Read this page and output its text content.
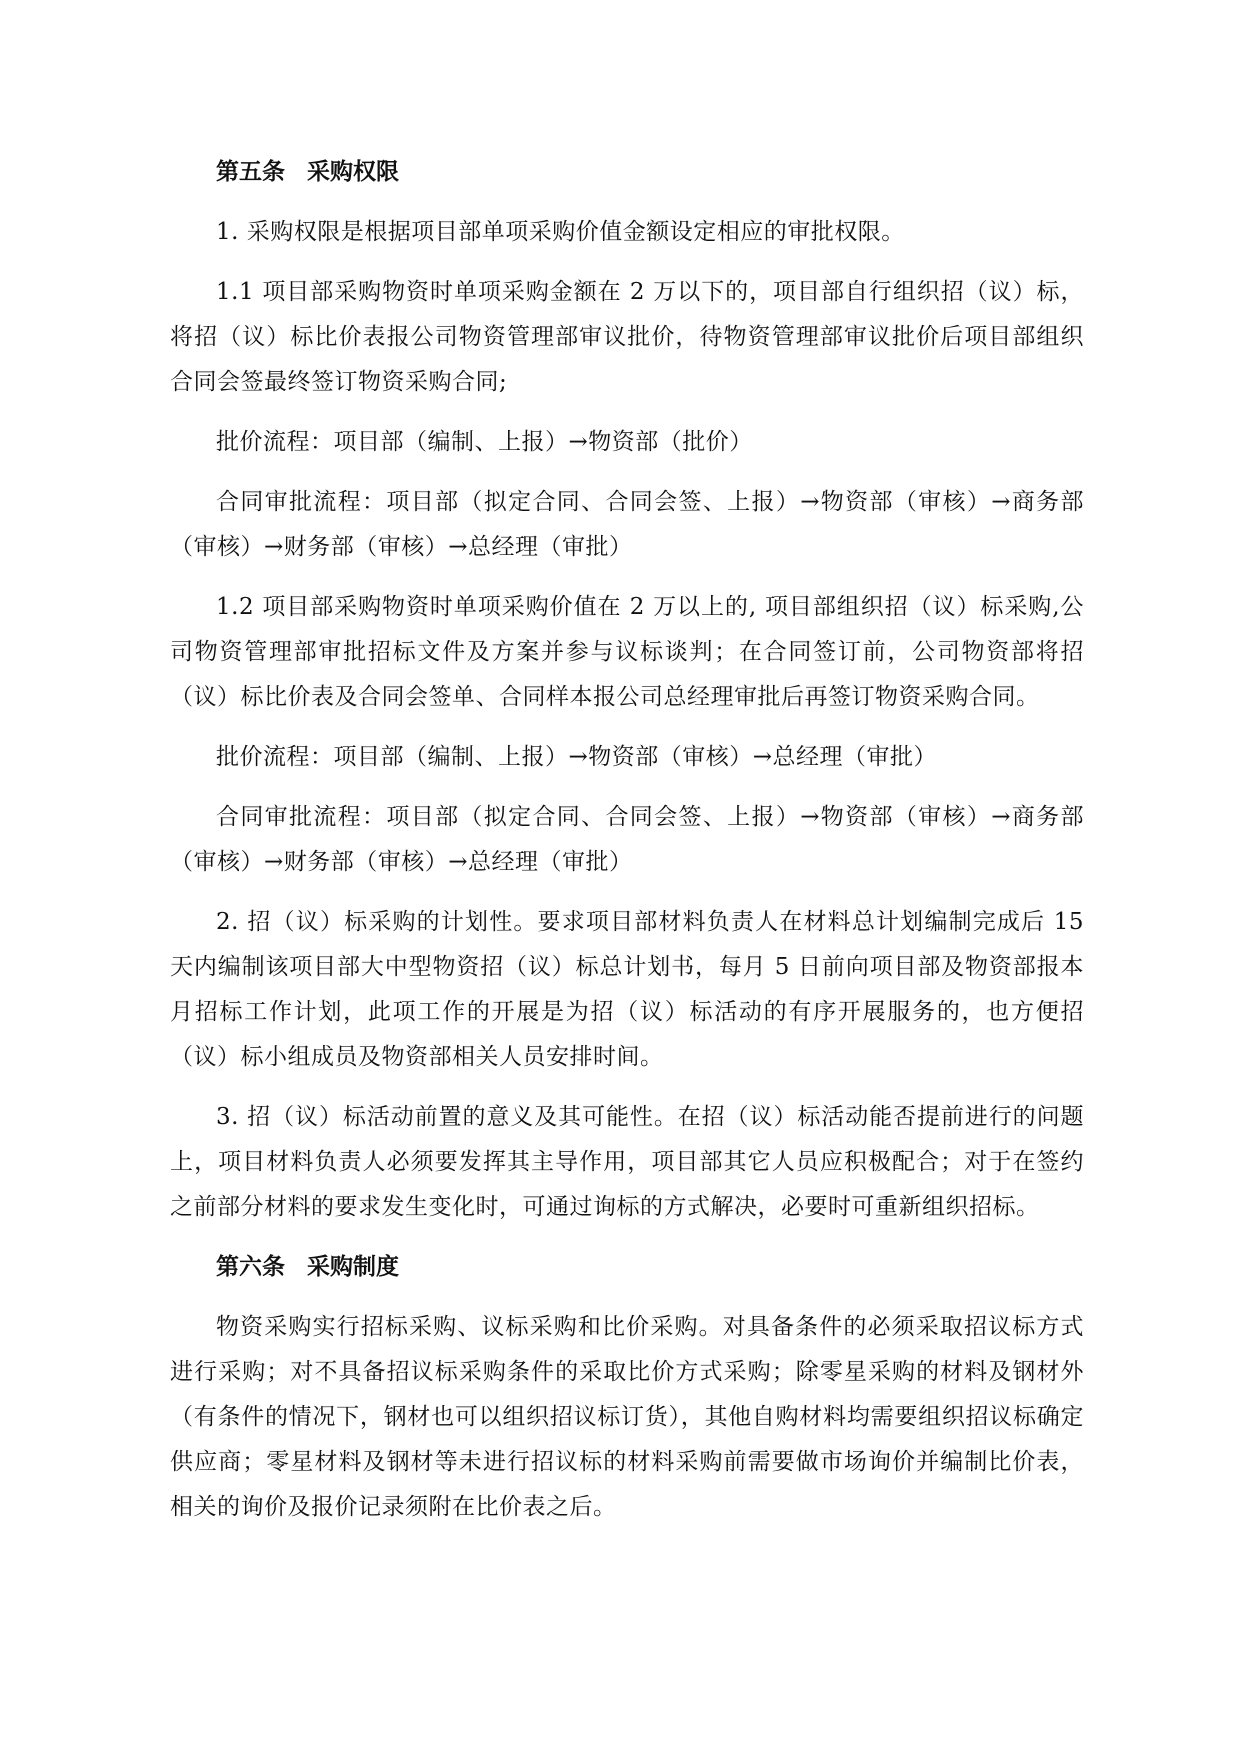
第五条 采购权限

1. 采购权限是根据项目部单项采购价值金额设定相应的审批权限。

1.1 项目部采购物资时单项采购金额在 2 万以下的，项目部自行组织招（议）标，将招（议）标比价表报公司物资管理部审议批价，待物资管理部审议批价后项目部组织合同会签最终签订物资采购合同;

批价流程：项目部（编制、上报）→物资部（批价）

合同审批流程：项目部（拟定合同、合同会签、上报）→物资部（审核）→商务部（审核）→财务部（审核）→总经理（审批）

1.2 项目部采购物资时单项采购价值在 2 万以上的, 项目部组织招（议）标采购,公司物资管理部审批招标文件及方案并参与议标谈判；在合同签订前，公司物资部将招（议）标比价表及合同会签单、合同样本报公司总经理审批后再签订物资采购合同。

批价流程：项目部（编制、上报）→物资部（审核）→总经理（审批）

合同审批流程：项目部（拟定合同、合同会签、上报）→物资部（审核）→商务部（审核）→财务部（审核）→总经理（审批）

2. 招（议）标采购的计划性。要求项目部材料负责人在材料总计划编制完成后 15 天内编制该项目部大中型物资招（议）标总计划书，每月 5 日前向项目部及物资部报本月招标工作计划，此项工作的开展是为招（议）标活动的有序开展服务的，也方便招（议）标小组成员及物资部相关人员安排时间。

3. 招（议）标活动前置的意义及其可能性。在招（议）标活动能否提前进行的问题上，项目材料负责人必须要发挥其主导作用，项目部其它人员应积极配合；对于在签约之前部分材料的要求发生变化时，可通过询标的方式解决，必要时可重新组织招标。

第六条 采购制度

物资采购实行招标采购、议标采购和比价采购。对具备条件的必须采取招议标方式进行采购；对不具备招议标采购条件的采取比价方式采购；除零星采购的材料及钢材外（有条件的情况下，钢材也可以组织招议标订货），其他自购材料均需要组织招议标确定供应商；零星材料及钢材等未进行招议标的材料采购前需要做市场询价并编制比价表，相关的询价及报价记录须附在比价表之后。
